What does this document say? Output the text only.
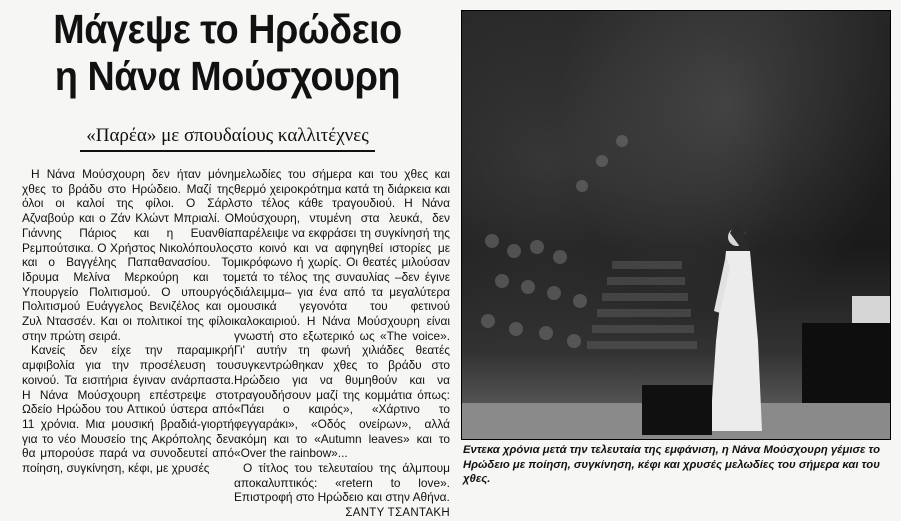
Μάγεψε το Ηρώδειο
η Νάνα Μούσχουρη
«Παρέα» με σπουδαίους καλλιτέχνες

Η Νάνα Μούσχουρη δεν ήταν μόνη χθες το βράδυ στο Ηρώδειο. Μαζί της όλοι οι καλοί της φίλοι. Ο Σάρλ Αζναβούρ και ο Ζάν Κλώντ Μπριαλί. Ο Γιάννης Πάριος και η Ευανθία Ρεμπούτσικα. Ο Χρήστος Νικολόπουλος και ο Βαγγέλης Παπαθανασίου. Το Ιδρυμα Μελίνα Μερκούρη και το Υπουργείο Πολιτισμού. Ο υπουργός Πολιτισμού Ευάγγελος Βενιζέλος και ο Ζυλ Ντασσέν. Και οι πολιτικοί της φίλοι στην πρώτη σειρά.

Κανείς δεν είχε την παραμικρή αμφιβολία για την προσέλευση του κοινού. Τα εισιτήρια έγιναν ανάρπαστα. Η Νάνα Μούσχουρη επέστρεψε στο Ωδείο Ηρώδου του Αττικού ύστερα από 11 χρόνια. Μια μουσική βραδιά-γιορτή για το νέο Μουσείο της Ακρόπολης δεν θα μπορούσε παρά να συνοδευτεί από ποίηση, συγκίνηση, κέφι, με χρυσές

μελωδίες του σήμερα και του χθες και θερμό χειροκρότημα κατά τη διάρκεια και στο τέλος κάθε τραγουδιού. Η Νάνα Μούσχουρη, ντυμένη στα λευκά, δεν παρέλειψε να εκφράσει τη συγκίνησή της στο κοινό και να αφηγηθεί ιστορίες με μικρόφωνο ή χωρίς. Οι θεατές μιλούσαν μετά το τέλος της συναυλίας –δεν έγινε διάλειμμα– για ένα από τα μεγαλύτερα μουσικά γεγονότα του φετινού καλοκαιριού. Η Νάνα Μούσχουρη είναι γνωστή στο εξωτερικό ως «The voice». Γι' αυτήν τη φωνή χιλιάδες θεατές συγκεντρώθηκαν χθες το βράδυ στο Ηρώδειο για να θυμηθούν και να τραγουδήσουν μαζί της κομμάτια όπως: «Πάει ο καιρός», «Χάρτινο το φεγγαράκι», «Οδός ονείρων», αλλά ακόμη και το «Autumn leaves» και το «Over the rainbow»...

Ο τίτλος του τελευταίου της άλμπουμ αποκαλυπτικός: «retern to love». Επιστροφή στο Ηρώδειο και στην Αθήνα.

ΣΑΝΤΥ ΤΣΑΝΤΑΚΗ
Εντεκα χρόνια μετά την τελευταία της εμφάνιση, η Νάνα Μούσχουρη γέμισε το Ηρώδειο με ποίηση, συγκίνηση, κέφι και χρυσές μελωδίες του σήμερα και του χθες.
